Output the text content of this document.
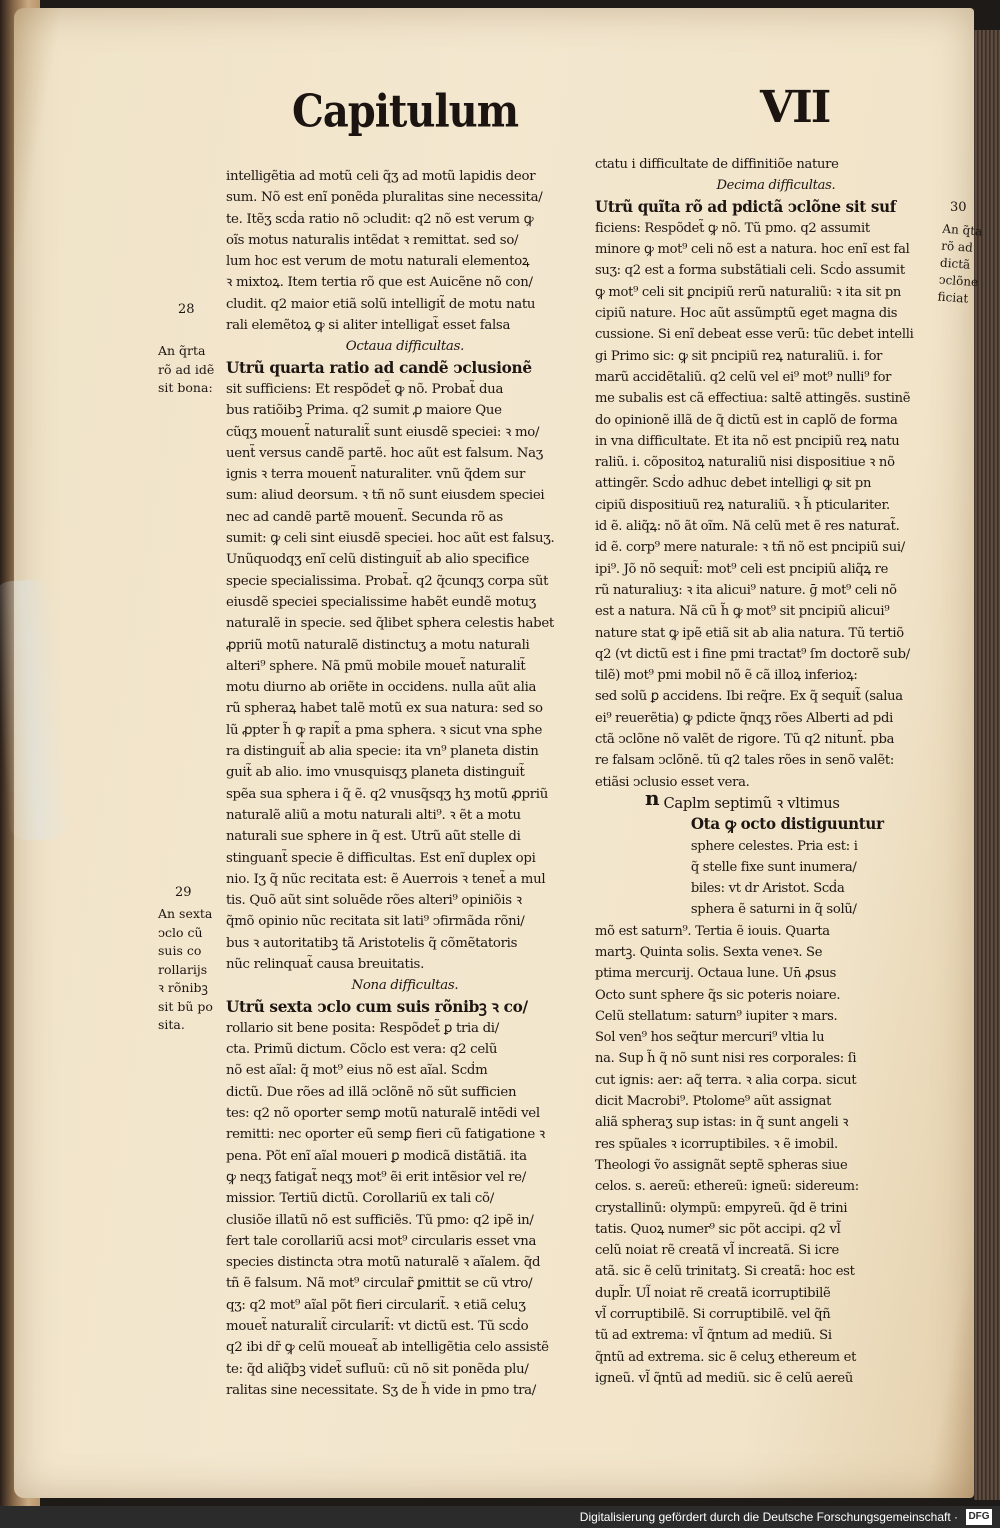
Capitulum	VII
30
intelligẽtia ad motũ celi q̃ʒ ad motũ lapidis deor
sum. Nõ est enĩ ponẽda pluralitas sine necessita/
te. Itẽʒ scḋa ratio nõ ↄcludit: q2 nõ est verum ꝙ
oĩs motus naturalis intẽdat ꝛ remittat. sed so/
lum hoc est verum de motu naturali elementoꝝ
ꝛ mixtoꝝ. Item tertia rõ que est Auicẽne nõ con/
cludit. q2 maior etiã solũ intelligit̃ de motu natu
rali elemẽtoꝝ ꝙ si aliter intelligat̃ esset falsa
Octaua difficultas.
Utrũ quarta ratio ad candẽ ↄclusionẽ
sit sufficiens: Et respõdet̃ ꝙ nõ. Probat̃ dua
bus ratiõibꝫ Prima. q2 sumit ꝓ maiore Que
cũqʒ mouent̃ naturalit̃ sunt eiusdẽ speciei: ꝛ mo/
uent̃ versus candẽ partẽ. hoc aũt est falsum. Naʒ
ignis ꝛ terra mouent̃ naturaliter. vnũ q̃dem sur
sum: aliud deorsum. ꝛ tñ nõ sunt eiusdem speciei
nec ad candẽ partẽ mouent̃. Secunda rõ as
sumit: ꝙ celi sint eiusdẽ speciei. hoc aũt est falsuʒ.
Unũquodqʒ enĩ celũ distinguit̃ ab alio specifice
specie specialissima. Probat̃. q2 q̃cunqʒ corpa sũt
eiusdẽ speciei specialissime habẽt eundẽ motuʒ
naturalẽ in specie. sed q̃libet sphera celestis habet
ꝓpriũ motũ naturalẽ distinctuʒ a motu naturali
alteri⁹ sphere. Nã pmũ mobile mouet̃ naturalit̃
motu diurno ab oriẽte in occidens. nulla aũt alia
rũ spheraꝝ habet talẽ motũ ex sua natura: sed so
lũ ꝓpter h̃ ꝙ rapit̃ a pma sphera. ꝛ sicut vna sphe
ra distinguit̃ ab alia specie: ita vn⁹ planeta distin
guit̃ ab alio. imo vnusquisqʒ planeta distinguit̃
spẽa sua sphera i q̃ ẽ. q2 vnusq̃sqʒ hʒ motũ ꝓpriũ
naturalẽ aliũ a motu naturali alti⁹. ꝛ ẽt a motu
naturali sue sphere in q̃ est. Utrũ aũt stelle di
stinguant̃ specie ẽ difficultas. Est enĩ duplex opi
nio. Iʒ q̃ nũc recitata est: ẽ Auerrois ꝛ tenet̃ a mul
tis. Quõ aũt sint soluẽde rões alteri⁹ opiniõis ꝛ
q̃mõ opinio nũc recitata sit lati⁹ ↄfirmãda rõni/
bus ꝛ autoritatibꝫ tã Aristotelis q̃ cõmẽtatoris
nũc relinquat̃ causa breuitatis.
Nona difficultas.
Utrũ sexta ↄclo cum suis rõnibꝫ ꝛ co/
rollario sit bene posita: Respõdet̃ ꝑ tria di/
cta. Primũ dictum. Cõclo est vera: q2 celũ
nõ est aĩal: q̃ mot⁹ eius nõ est aĩal. Scḋm
dictũ. Due rões ad illã ↄclõnẽ nõ sũt sufficien
tes: q2 nõ oporter semꝑ motũ naturalẽ intẽdi vel
remitti: nec oporter eũ semꝑ fieri cũ fatigatione ꝛ
pena. Põt enĩ aĩal moueri ꝑ modicã distãtiã. ita
ꝙ neqʒ fatigat̃ neqʒ mot⁹ ẽi erit intẽsior vel re/
missior. Tertiũ dictũ. Corollariũ ex tali cõ/
clusiõe illatũ nõ est sufficiẽs. Tũ pmo: q2 ipẽ in/
fert tale corollariũ acsi mot⁹ circularis esset vna
species distincta ↄtra motũ naturalẽ ꝛ aĩalem. q̃d
tñ ẽ falsum. Nã mot⁹ circular̃ ꝑmittit se cũ vtro/
qʒ: q2 mot⁹ aĩal põt fieri circularit̃. ꝛ etiã celuʒ
mouet̃ naturalit̃ circularit̃: vt dictũ est. Tũ scḋo
q2 ibi dr̃ ꝙ celũ moueat̃ ab intelligẽtia celo assistẽ
te: q̃d aliq̃bꝫ videt̃ sufluũ: cũ nõ sit ponẽda plu/
ralitas sine necessitate. Sʒ de h̃ vide in pmo tra/
ctatu i difficultate de diffinitiõe nature
Decima difficultas.
Utrũ quĩta rõ ad pdictã ↄclõne sit suf
ficiens: Respõdet̃ ꝙ nõ. Tũ pmo. q2 assumit
minore ꝙ mot⁹ celi nõ est a natura. hoc enĩ est fal
suʒ: q2 est a forma substãtiali celi. Scḋo assumit
ꝙ mot⁹ celi sit ꝑncipiũ rerũ naturaliũ: ꝛ ita sit pn
cipiũ nature. Hoc aũt assũmptũ eget magna dis
cussione. Si enĩ debeat esse verũ: tũc debet intelli
gi Primo sic: ꝙ sit pncipiũ reꝝ naturaliũ. i. for
marũ accidẽtaliũ. q2 celũ vel ei⁹ mot⁹ nulli⁹ for
me subalis est cã effectiua: saltẽ attingẽs. sustinẽ
do opinionẽ illã de q̃ dictũ est in caplõ de forma
in vna difficultate. Et ita nõ est pncipiũ reꝝ natu
raliũ. i. cõpositoꝝ naturaliũ nisi dispositiue ꝛ nõ
attingẽr. Scḋo adhuc debet intelligi ꝙ sit pn
cipiũ dispositiuũ reꝝ naturaliũ. ꝛ h̃ pticulariter.
id ẽ. aliq̃ꝝ: nõ ãt oĩm. Nã celũ met ẽ res naturat̃.
id ẽ. corp⁹ mere naturale: ꝛ tñ nõ est pncipiũ sui/
ipi⁹. Jõ nõ sequit̃: mot⁹ celi est pncipiũ aliq̃ꝝ re
rũ naturaliuʒ: ꝛ ita alicui⁹ nature. ḡ mot⁹ celi nõ
est a natura. Nã cũ h̃ ꝙ mot⁹ sit pncipiũ alicui⁹
nature stat ꝙ ipẽ etiã sit ab alia natura. Tũ tertiõ
q2 (vt dictũ est i fine pmi tractat⁹ ſm doctorẽ sub/
tilẽ) mot⁹ pmi mobil nõ ẽ cã illoꝝ inferioꝝ:
sed solũ ꝑ accidens. Ibi req̃re. Ex q̃ sequit̃ (salua
ei⁹ reuerẽtia) ꝙ pdicte q̃nqʒ rões Alberti ad pdi
ctã ↄclõne nõ valẽt de rigore. Tũ q2 nitunt̃. pba
re falsam ↄclõnẽ. tũ q2 tales rões in senõ valẽt:
etiãsi ↄclusio esset vera.
Caplm septimũ ꝛ vltimus
Ota ꝙ octo distiguuntur
sphere celestes. Pria est: i
q̃ stelle fixe sunt inumera/
biles: vt dr Aristot. Scḋa
sphera ẽ saturni in q̃ solũ/
mõ est saturn⁹. Tertia ẽ iouis. Quarta
martꝫ. Quinta solis. Sexta veneꝛ. Se
ptima mercurij. Octaua lune. Un̄ ꝓsus
Octo sunt sphere q̃s sic poteris noiare.
Celũ stellatum: saturn⁹ iupiter ꝛ mars.
Sol ven⁹ hos seq̃tur mercuri⁹ vltia lu
na. Sup h̃ q̃ nõ sunt nisi res corporales: ſi
cut ignis: aer: aq̃ terra. ꝛ alia corpa. sicut
dicit Macrobi⁹. Ptolome⁹ aũt assignat
aliã spheraʒ sup istas: in q̃ sunt angeli ꝛ
res spũales ꝛ icorruptibiles. ꝛ ẽ imobil.
Theologi ṽo assignãt septẽ spheras siue
celos. s. aereũ: ethereũ: igneũ: sidereum:
crystallinũ: olympũ: empyreũ. q̃d ẽ trini
tatis. Quoꝝ numer⁹ sic põt accipi. q2 vl̃
celũ noiat rẽ creatã vl̃ increatã. Si icre
atã. sic ẽ celũ trinitatꝫ. Si creatã: hoc est
dupl̃r. Ul̃ noiat rẽ creatã icorruptibilẽ
vl̃ corruptibilẽ. Si corruptibilẽ. vel q̃ñ
tũ ad extrema: vl̃ q̃ntum ad mediũ. Si
q̃ntũ ad extrema. sic ẽ celuʒ ethereum et
igneũ. vl̃ q̃ntũ ad mediũ. sic ẽ celũ aereũ
28
An q̃rta
rõ ad idẽ
sit bona:
29
An sexta
ↄclo cũ
suis co
rollarijs
ꝛ rõnibꝫ
sit bũ po
sita.
An q̃ta
rõ ad
dictã
ↄclõne
ficiat
n
Digitalisierung gefördert durch die Deutsche Forschungsgemeinschaft · DFG
